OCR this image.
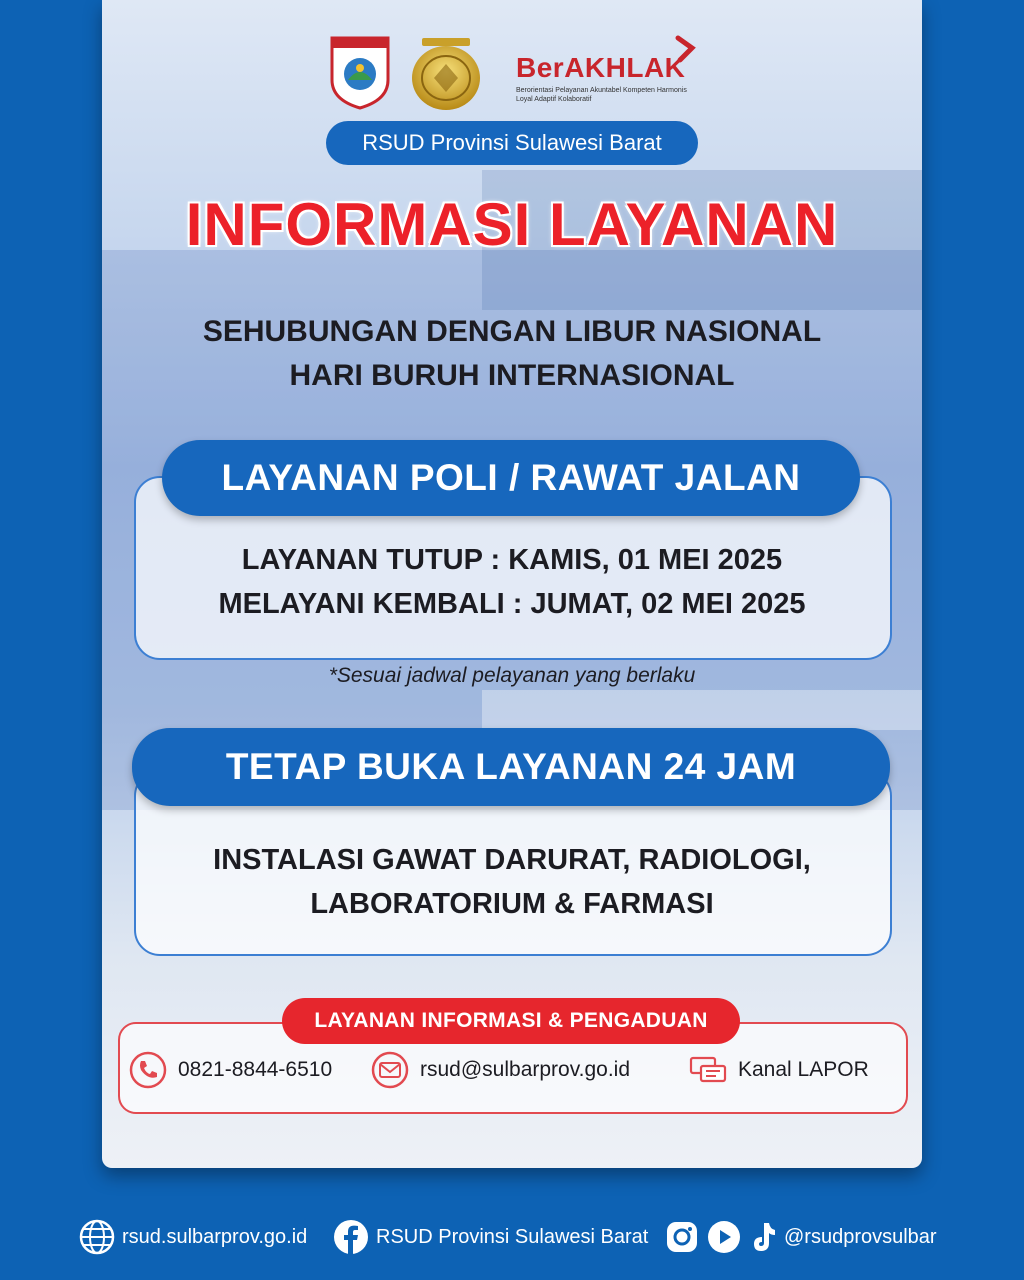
BerAKHLAK
Berorientasi Pelayanan Akuntabel Kompeten Harmonis Loyal Adaptif Kolaboratif
RSUD Provinsi Sulawesi Barat
INFORMASI LAYANAN
SEHUBUNGAN DENGAN LIBUR NASIONAL
HARI BURUH INTERNASIONAL
LAYANAN POLI / RAWAT JALAN
LAYANAN TUTUP : KAMIS, 01 MEI 2025
MELAYANI KEMBALI : JUMAT, 02 MEI 2025
*Sesuai jadwal pelayanan yang berlaku
TETAP BUKA LAYANAN 24 JAM
INSTALASI GAWAT DARURAT, RADIOLOGI,
LABORATORIUM & FARMASI
LAYANAN INFORMASI & PENGADUAN
0821-8844-6510	rsud@sulbarprov.go.id	Kanal LAPOR
rsud.sulbarprov.go.id	RSUD Provinsi Sulawesi Barat	@rsudprovsulbar
